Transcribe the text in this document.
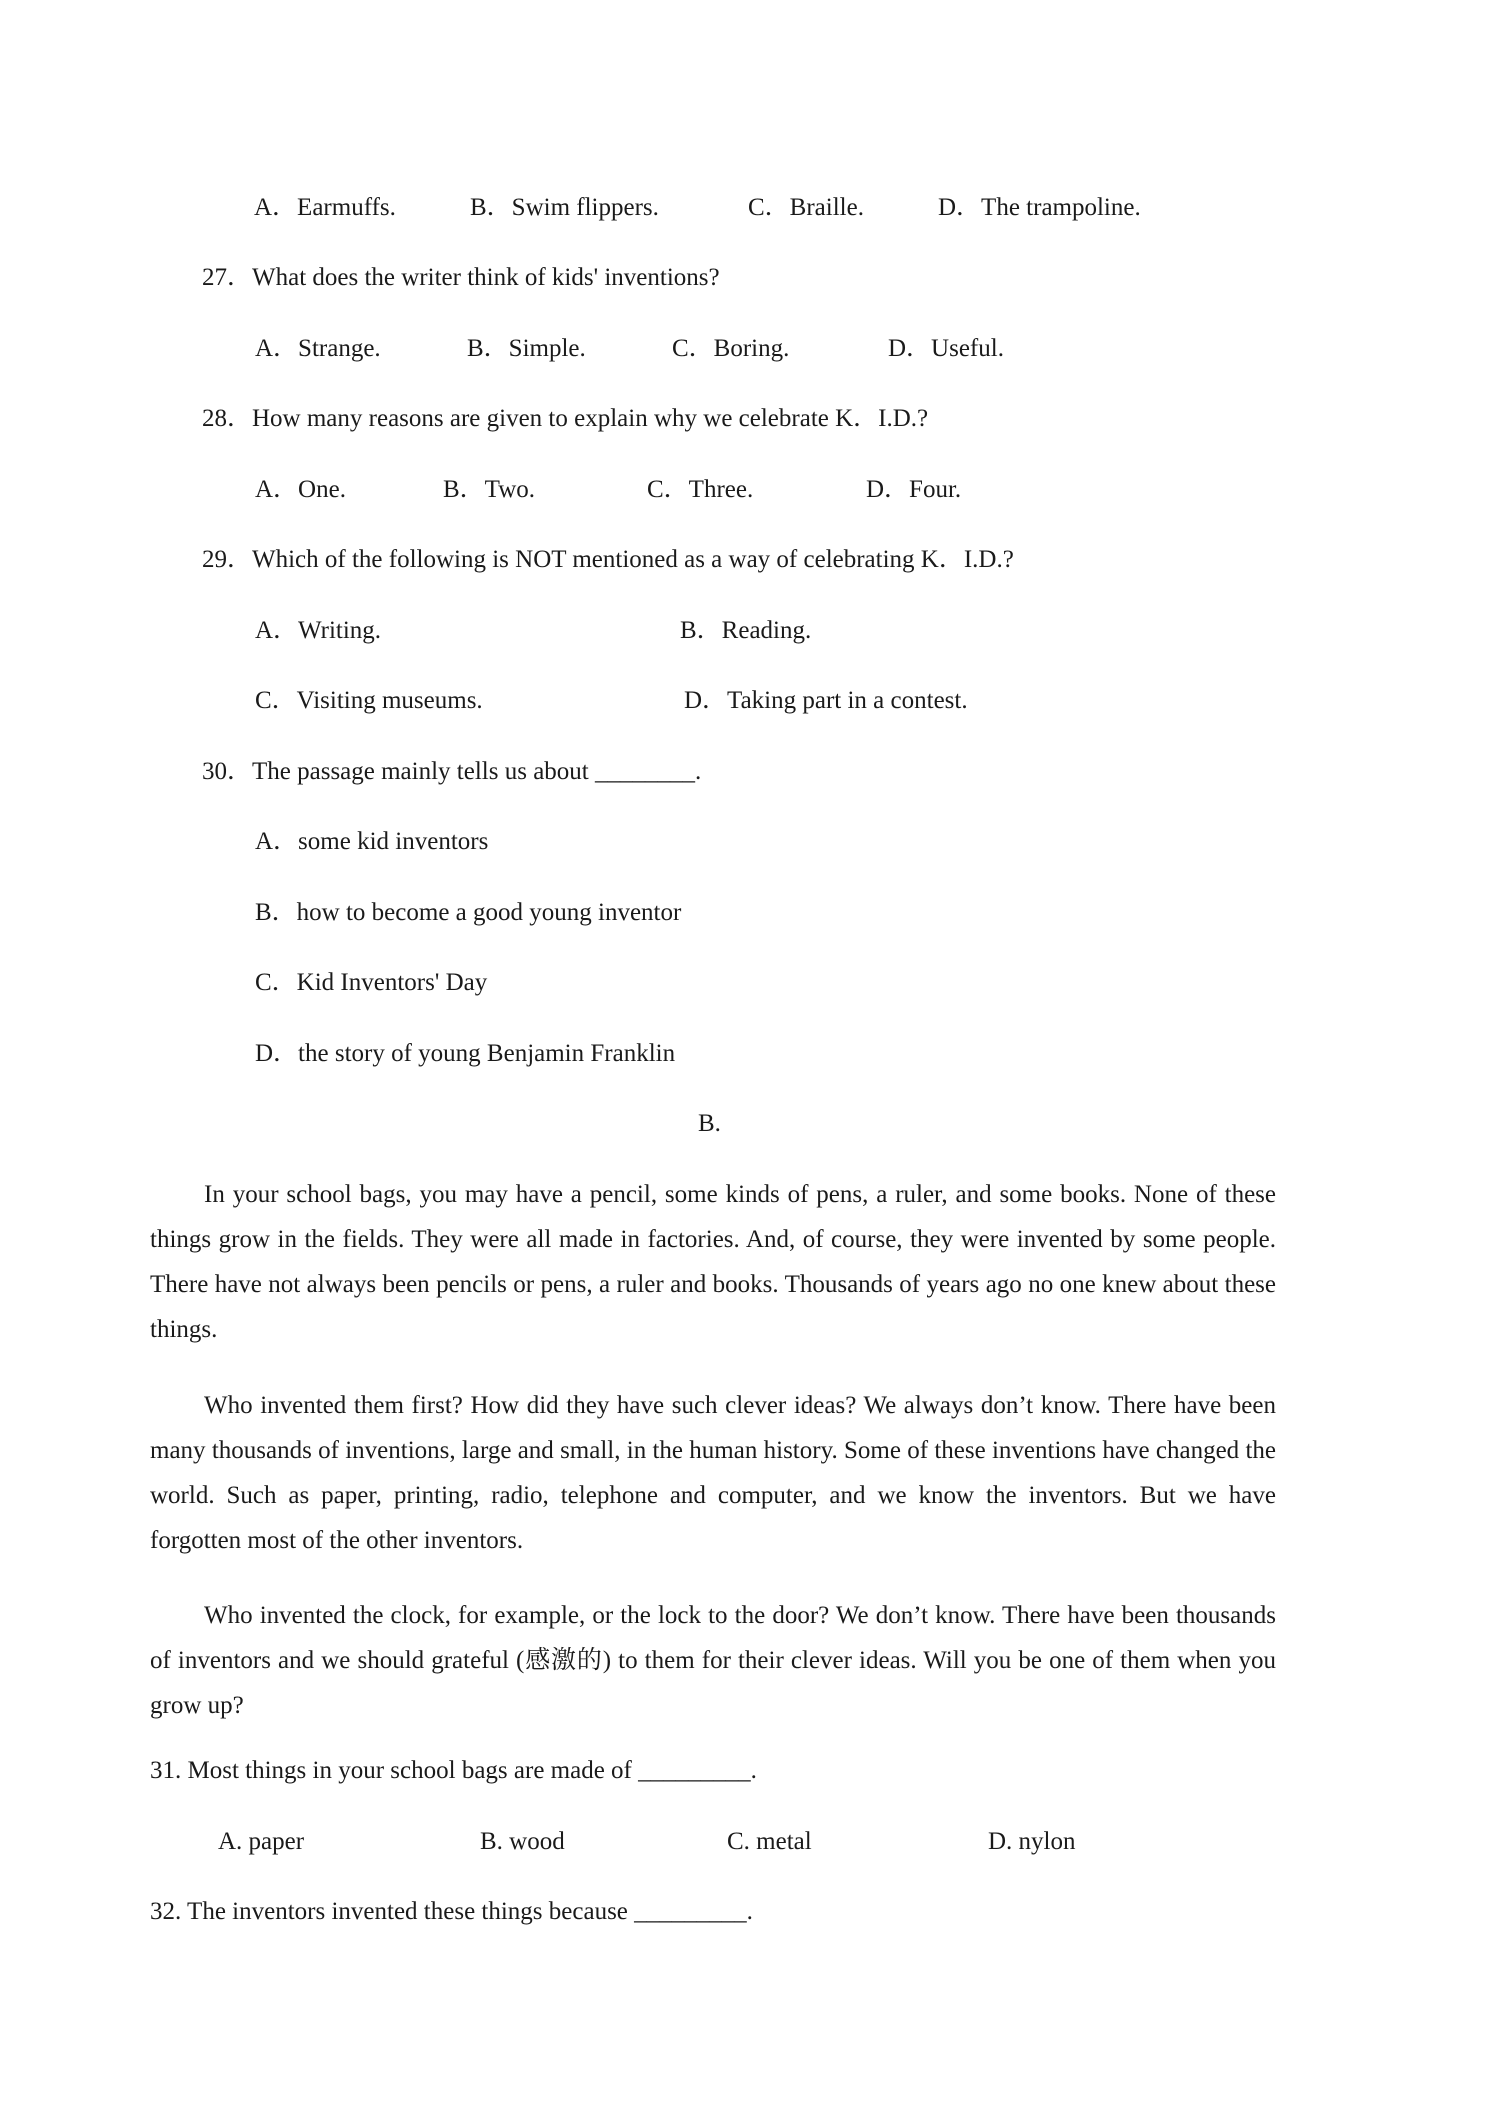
A．Earmuffs.	B．Swim flippers.	C．Braille.	D．The trampoline.
27．What does the writer think of kids' inventions?
A．Strange.	B．Simple.	C．Boring.	D．Useful.
28．How many reasons are given to explain why we celebrate K．I.D.?
A．One.	B．Two.	C．Three.	D．Four.
29．Which of the following is NOT mentioned as a way of celebrating K．I.D.?
A．Writing.	B．Reading.
C．Visiting museums.	D．Taking part in a contest.
30．The passage mainly tells us about ________.
A．some kid inventors
B．how to become a good young inventor
C．Kid Inventors' Day
D．the story of young Benjamin Franklin
B.
In your school bags, you may have a pencil, some kinds of pens, a ruler, and some books. None of these things grow in the fields. They were all made in factories. And, of course, they were invented by some people. There have not always been pencils or pens, a ruler and books. Thousands of years ago no one knew about these things.
Who invented them first? How did they have such clever ideas? We always don’t know. There have been many thousands of inventions, large and small, in the human history. Some of these inventions have changed the world. Such as paper, printing, radio, telephone and computer, and we know the inventors. But we have forgotten most of the other inventors.
Who invented the clock, for example, or the lock to the door? We don’t know. There have been thousands of inventors and we should grateful (感激的) to them for their clever ideas. Will you be one of them when you grow up?
31. Most things in your school bags are made of _________.
A. paper	B. wood	C. metal	D. nylon
32. The inventors invented these things because _________.
